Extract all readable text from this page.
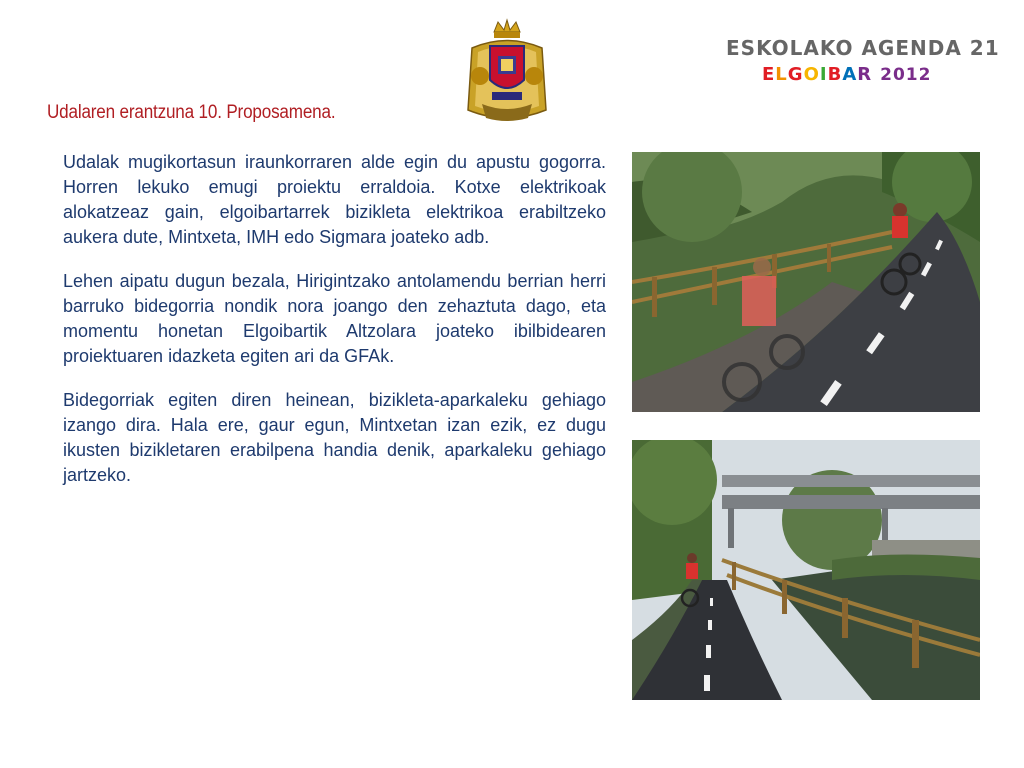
ESKOLAKO AGENDA 21
ELGOIBAR 2012
Udalaren erantzuna 10. Proposamena.

Udalak mugikortasun iraunkorraren alde egin du apustu gogorra. Horren lekuko emugi proiektu erraldoia. Kotxe elektrikoak alokatzeaz gain, elgoibartarrek bizikleta elektrikoa erabiltzeko aukera dute, Mintxeta, IMH edo Sigmara joateko adb.

Lehen aipatu dugun bezala, Hirigintzako antolamendu berrian herri barruko bidegorria nondik nora joango den zehaztuta dago, eta momentu honetan Elgoibartik Altzolara joateko ibilbidearen proiektuaren idazketa egiten ari da GFAk.

Bidegorriak egiten diren heinean, bizikleta-aparkaleku gehiago izango dira. Hala ere, gaur egun, Mintxetan izan ezik, ez dugu ikusten bizikletaren erabilpena handia denik, aparkaleku gehiago jartzeko.
